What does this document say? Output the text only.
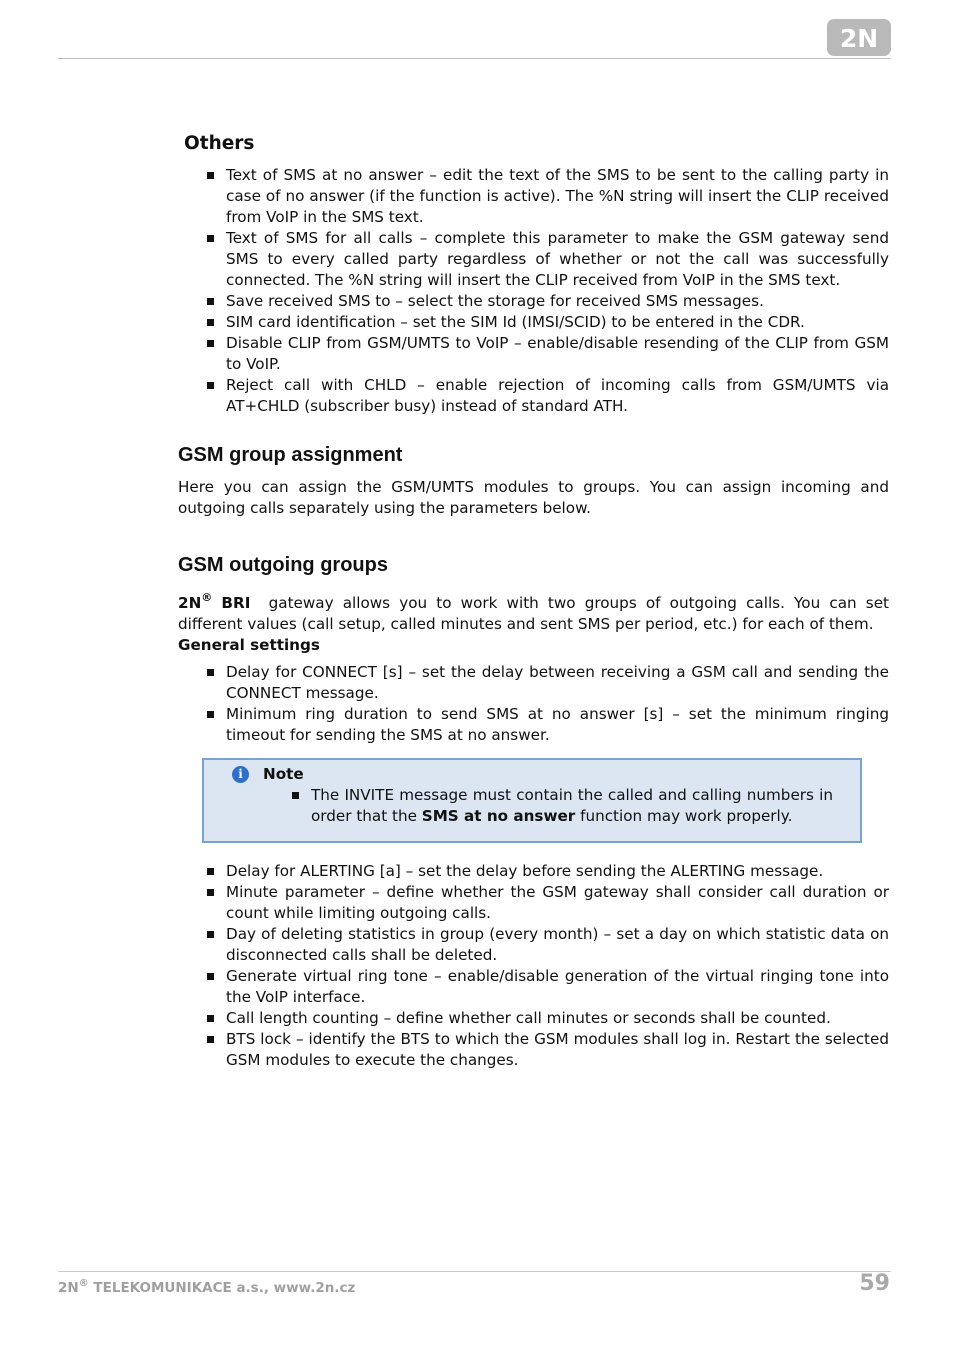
2N
Others
Text of SMS at no answer – edit the text of the SMS to be sent to the calling party in case of no answer (if the function is active). The %N string will insert the CLIP received from VoIP in the SMS text.
Text of SMS for all calls – complete this parameter to make the GSM gateway send SMS to every called party regardless of whether or not the call was successfully connected. The %N string will insert the CLIP received from VoIP in the SMS text.
Save received SMS to – select the storage for received SMS messages.
SIM card identification – set the SIM Id (IMSI/SCID) to be entered in the CDR.
Disable CLIP from GSM/UMTS to VoIP – enable/disable resending of the CLIP from GSM to VoIP.
Reject call with CHLD – enable rejection of incoming calls from GSM/UMTS via AT+CHLD (subscriber busy) instead of standard ATH.
GSM group assignment

Here you can assign the GSM/UMTS modules to groups. You can assign incoming and outgoing calls separately using the parameters below.

GSM outgoing groups

2N® BRI gateway allows you to work with two groups of outgoing calls. You can set different values (call setup, called minutes and sent SMS per period, etc.) for each of them.

General settings
Delay for CONNECT [s] – set the delay between receiving a GSM call and sending the CONNECT message.
Minimum ring duration to send SMS at no answer [s] – set the minimum ringing timeout for sending the SMS at no answer.
i	Note
The INVITE message must contain the called and calling numbers in order that the SMS at no answer function may work properly.
Delay for ALERTING [a] – set the delay before sending the ALERTING message.
Minute parameter – define whether the GSM gateway shall consider call duration or count while limiting outgoing calls.
Day of deleting statistics in group (every month) – set a day on which statistic data on disconnected calls shall be deleted.
Generate virtual ring tone – enable/disable generation of the virtual ringing tone into the VoIP interface.
Call length counting – define whether call minutes or seconds shall be counted.
BTS lock – identify the BTS to which the GSM modules shall log in. Restart the selected GSM modules to execute the changes.
2N® TELEKOMUNIKACE a.s., www.2n.cz	59
